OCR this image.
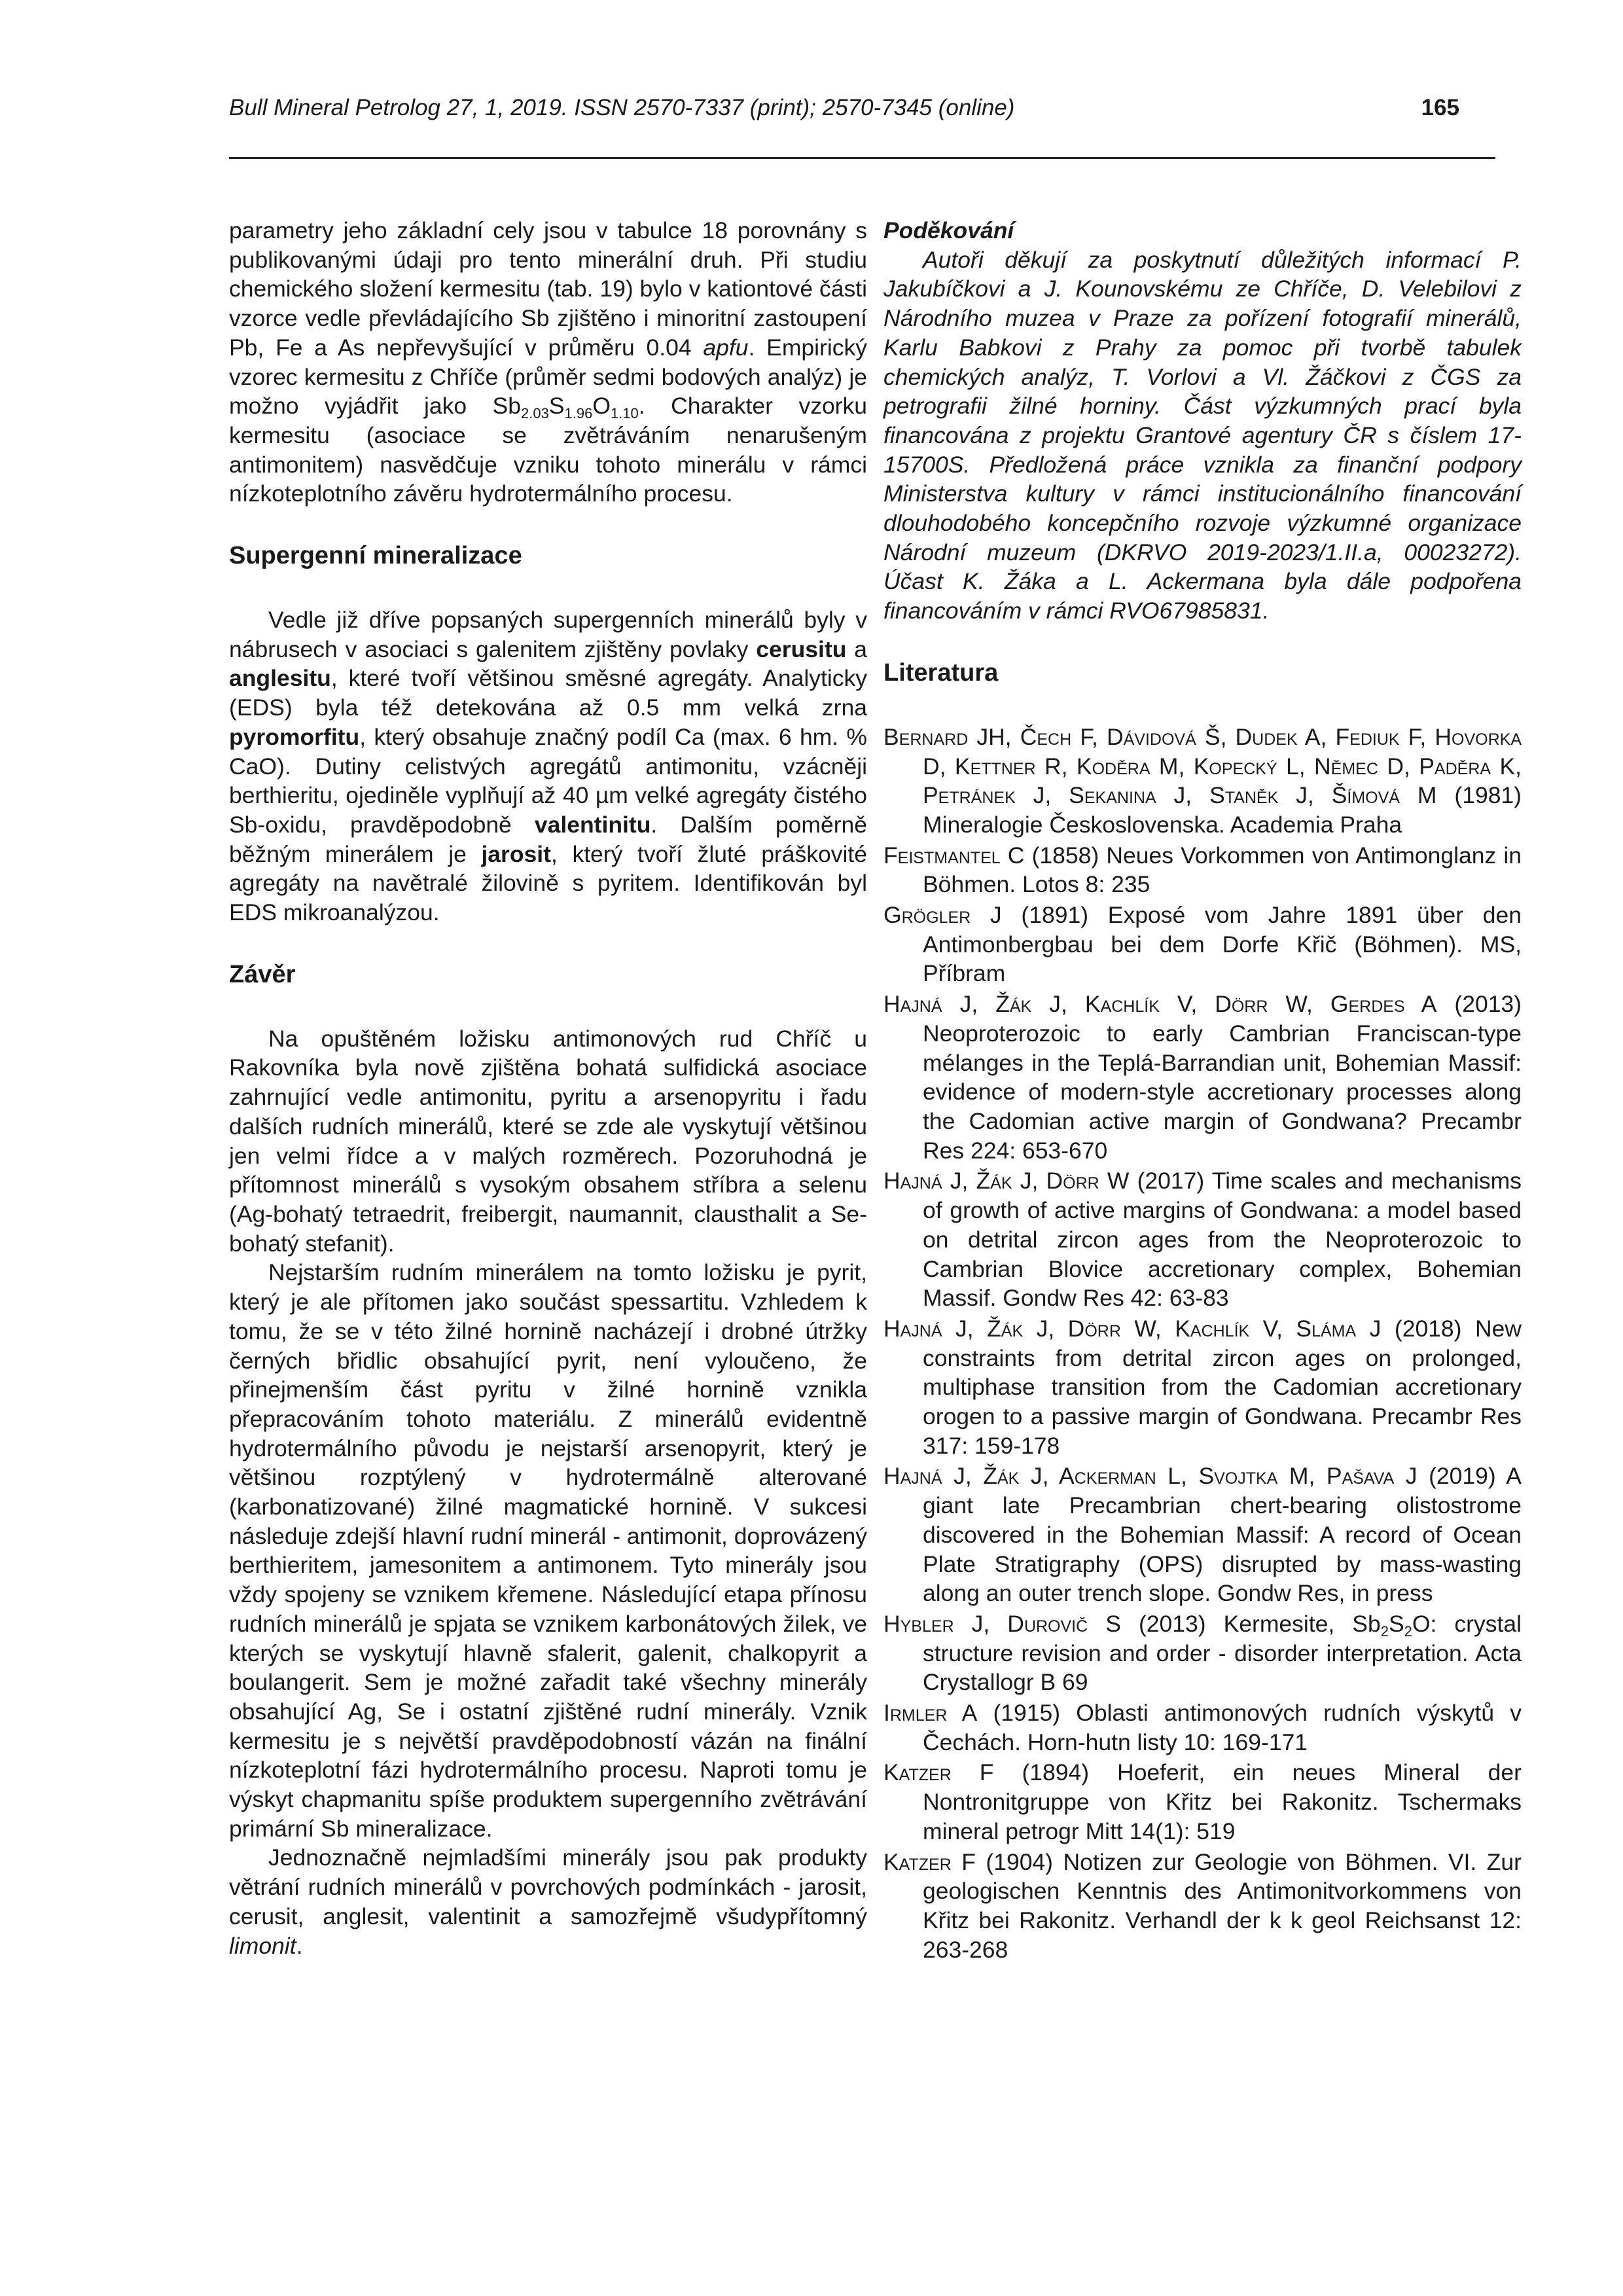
Bull Mineral Petrolog 27, 1, 2019. ISSN 2570-7337 (print); 2570-7345 (online)	165

parametry jeho základní cely jsou v tabulce 18 porovnány s publikovanými údaji pro tento minerální druh. Při studiu chemického složení kermesitu (tab. 19) bylo v kationtové části vzorce vedle převládajícího Sb zjištěno i minoritní zastoupení Pb, Fe a As nepřevyšující v průměru 0.04 apfu. Empirický vzorec kermesitu z Chříče (průměr sedmi bodových analýz) je možno vyjádřit jako $Sb_{2.03}S_{1.96}O_{1.10}$. Charakter vzorku kermesitu (asociace se zvětráváním nenarušeným antimonitem) nasvědčuje vzniku tohoto minerálu v rámci nízkoteplotního závěru hydrotermálního procesu.

Supergenní mineralizace

Vedle již dříve popsaných supergenních minerálů byly v nábrusech v asociaci s galenitem zjištěny povlaky cerusitu a anglesitu, které tvoří většinou směsné agregáty. Analyticky (EDS) byla též detekována až 0.5 mm velká zrna pyromorfitu, který obsahuje značný podíl Ca (max. 6 hm. % CaO). Dutiny celistvých agregátů antimonitu, vzácněji berthieritu, ojediněle vyplňují až 40 µm velké agregáty čistého Sb-oxidu, pravděpodobně valentinitu. Dalším poměrně běžným minerálem je jarosit, který tvoří žluté práškovité agregáty na navětralé žilovině s pyritem. Identifikován byl EDS mikroanalýzou.

Závěr

Na opuštěném ložisku antimonových rud Chříč u Rakovníka byla nově zjištěna bohatá sulfidická asociace zahrnující vedle antimonitu, pyritu a arsenopyritu i řadu dalších rudních minerálů, které se zde ale vyskytují většinou jen velmi řídce a v malých rozměrech. Pozoruhodná je přítomnost minerálů s vysokým obsahem stříbra a selenu (Ag-bohatý tetraedrit, freibergit, naumannit, clausthalit a Se-bohatý stefanit).

Nejstarším rudním minerálem na tomto ložisku je pyrit, který je ale přítomen jako součást spessartitu. Vzhledem k tomu, že se v této žilné hornině nacházejí i drobné útržky černých břidlic obsahující pyrit, není vyloučeno, že přinejmenším část pyritu v žilné hornině vznikla přepracováním tohoto materiálu. Z minerálů evidentně hydrotermálního původu je nejstarší arsenopyrit, který je většinou rozptýlený v hydrotermálně alterované (karbonatizované) žilné magmatické hornině. V sukcesi následuje zdejší hlavní rudní minerál - antimonit, doprovázený berthieritem, jamesonitem a antimonem. Tyto minerály jsou vždy spojeny se vznikem křemene. Následující etapa přínosu rudních minerálů je spjata se vznikem karbonátových žilek, ve kterých se vyskytují hlavně sfalerit, galenit, chalkopyrit a boulangerit. Sem je možné zařadit také všechny minerály obsahující Ag, Se i ostatní zjištěné rudní minerály. Vznik kermesitu je s největší pravděpodobností vázán na finální nízkoteplotní fázi hydrotermálního procesu. Naproti tomu je výskyt chapmanitu spíše produktem supergenního zvětrávání primární Sb mineralizace.

Jednoznačně nejmladšími minerály jsou pak produkty větrání rudních minerálů v povrchových podmínkách - jarosit, cerusit, anglesit, valentinit a samozřejmě všudypřítomný limonit.

Poděkování

Autoři děkují za poskytnutí důležitých informací P. Jakubíčkovi a J. Kounovskému ze Chříče, D. Velebilovi z Národního muzea v Praze za pořízení fotografií minerálů, Karlu Babkovi z Prahy za pomoc při tvorbě tabulek chemických analýz, T. Vorlovi a Vl. Žáčkovi z ČGS za petrografii žilné horniny. Část výzkumných prací byla financována z projektu Grantové agentury ČR s číslem 17-15700S. Předložená práce vznikla za finanční podpory Ministerstva kultury v rámci institucionálního financování dlouhodobého koncepčního rozvoje výzkumné organizace Národní muzeum (DKRVO 2019-2023/1.II.a, 00023272). Účast K. Žáka a L. Ackermana byla dále podpořena financováním v rámci RVO67985831.

Literatura

Bernard JH, Čech F, Dávidová Š, Dudek A, Fediuk F, Hovorka D, Kettner R, Koděra M, Kopecký L, Němec D, Paděra K, Petránek J, Sekanina J, Staněk J, Šímová M (1981) Mineralogie Československa. Academia Praha

Feistmantel C (1858) Neues Vorkommen von Antimonglanz in Böhmen. Lotos 8: 235

Grögler J (1891) Exposé vom Jahre 1891 über den Antimonbergbau bei dem Dorfe Křič (Böhmen). MS, Příbram

Hajná J, Žák J, Kachlík V, Dörr W, Gerdes A (2013) Neoproterozoic to early Cambrian Franciscan-type mélanges in the Teplá-Barrandian unit, Bohemian Massif: evidence of modern-style accretionary processes along the Cadomian active margin of Gondwana? Precambr Res 224: 653-670

Hajná J, Žák J, Dörr W (2017) Time scales and mechanisms of growth of active margins of Gondwana: a model based on detrital zircon ages from the Neoproterozoic to Cambrian Blovice accretionary complex, Bohemian Massif. Gondw Res 42: 63-83

Hajná J, Žák J, Dörr W, Kachlík V, Sláma J (2018) New constraints from detrital zircon ages on prolonged, multiphase transition from the Cadomian accretionary orogen to a passive margin of Gondwana. Precambr Res 317: 159-178

Hajná J, Žák J, Ackerman L, Svojtka M, Pašava J (2019) A giant late Precambrian chert-bearing olistostrome discovered in the Bohemian Massif: A record of Ocean Plate Stratigraphy (OPS) disrupted by mass-wasting along an outer trench slope. Gondw Res, in press

Hybler J, Durovič S (2013) Kermesite, $Sb_2S_2O$: crystal structure revision and order - disorder interpretation. Acta Crystallogr B 69

Irmler A (1915) Oblasti antimonových rudních výskytů v Čechách. Horn-hutn listy 10: 169-171

Katzer F (1894) Hoeferit, ein neues Mineral der Nontronitgruppe von Křitz bei Rakonitz. Tschermaks mineral petrogr Mitt 14(1): 519

Katzer F (1904) Notizen zur Geologie von Böhmen. VI. Zur geologischen Kenntnis des Antimonitvorkommens von Křitz bei Rakonitz. Verhandl der k k geol Reichsanst 12: 263-268
